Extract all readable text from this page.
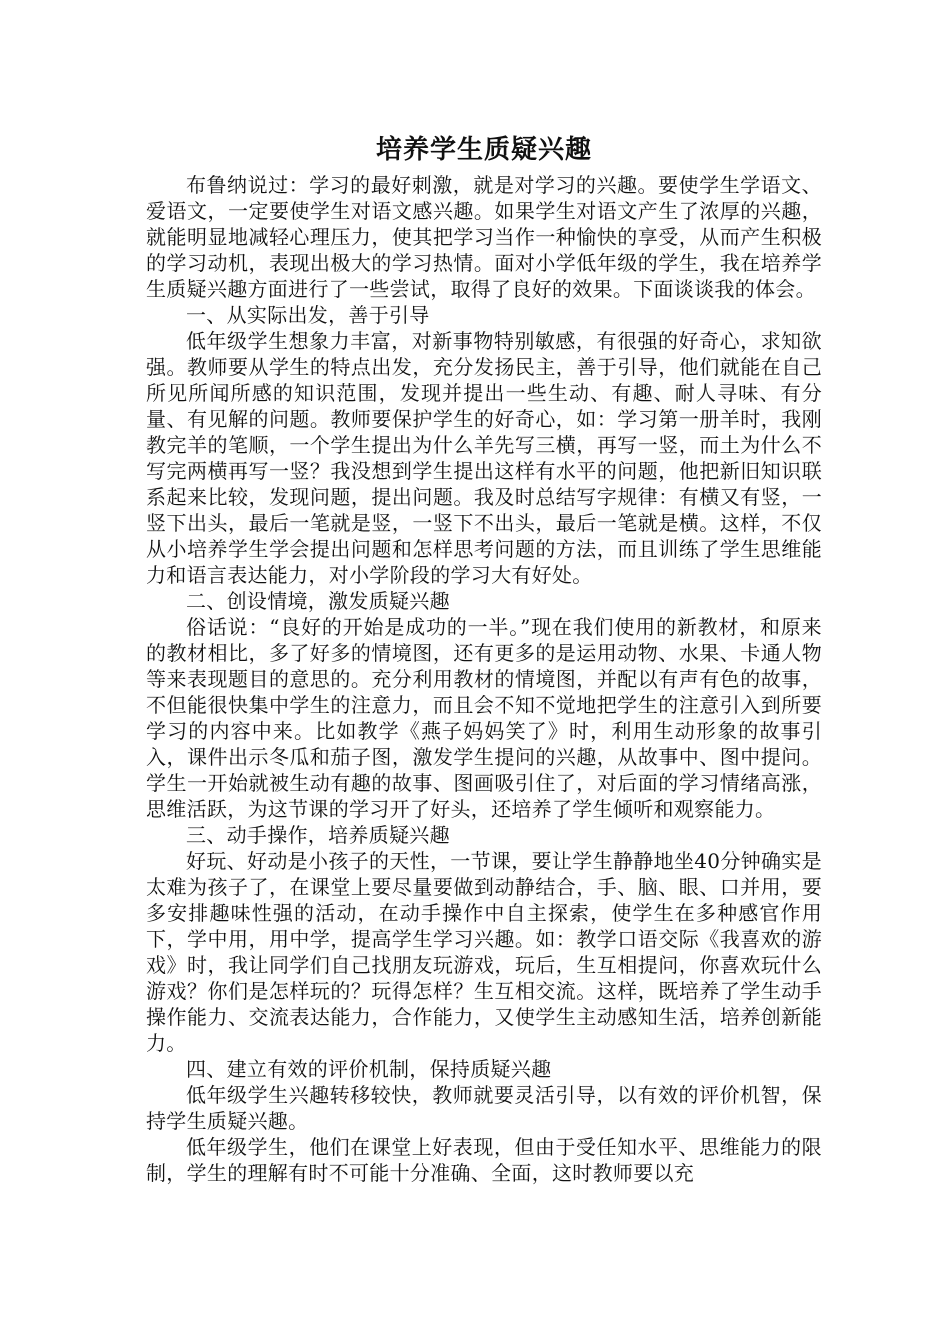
培养学生质疑兴趣

布鲁纳说过：学习的最好刺激，就是对学习的兴趣。要使学生学语文、爱语文，一定要使学生对语文感兴趣。如果学生对语文产生了浓厚的兴趣，就能明显地减轻心理压力，使其把学习当作一种愉快的享受，从而产生积极的学习动机，表现出极大的学习热情。面对小学低年级的学生，我在培养学生质疑兴趣方面进行了一些尝试，取得了良好的效果。下面谈谈我的体会。

一、从实际出发，善于引导

低年级学生想象力丰富，对新事物特别敏感，有很强的好奇心，求知欲强。教师要从学生的特点出发，充分发扬民主，善于引导，他们就能在自己所见所闻所感的知识范围，发现并提出一些生动、有趣、耐人寻味、有分量、有见解的问题。教师要保护学生的好奇心，如：学习第一册羊时，我刚教完羊的笔顺，一个学生提出为什么羊先写三横，再写一竖，而土为什么不写完两横再写一竖？我没想到学生提出这样有水平的问题，他把新旧知识联系起来比较，发现问题，提出问题。我及时总结写字规律：有横又有竖，一竖下出头，最后一笔就是竖，一竖下不出头，最后一笔就是横。这样，不仅从小培养学生学会提出问题和怎样思考问题的方法，而且训练了学生思维能力和语言表达能力，对小学阶段的学习大有好处。

二、创设情境，激发质疑兴趣

俗话说：“良好的开始是成功的一半。”现在我们使用的新教材，和原来的教材相比，多了好多的情境图，还有更多的是运用动物、水果、卡通人物等来表现题目的意思的。充分利用教材的情境图，并配以有声有色的故事，不但能很快集中学生的注意力，而且会不知不觉地把学生的注意引入到所要学习的内容中来。比如教学《燕子妈妈笑了》时，利用生动形象的故事引入，课件出示冬瓜和茄子图，激发学生提问的兴趣，从故事中、图中提问。学生一开始就被生动有趣的故事、图画吸引住了，对后面的学习情绪高涨，思维活跃，为这节课的学习开了好头，还培养了学生倾听和观察能力。

三、动手操作，培养质疑兴趣

好玩、好动是小孩子的天性，一节课，要让学生静静地坐40分钟确实是太难为孩子了，在课堂上要尽量要做到动静结合，手、脑、眼、口并用，要多安排趣味性强的活动，在动手操作中自主探索，使学生在多种感官作用下，学中用，用中学，提高学生学习兴趣。如：教学口语交际《我喜欢的游戏》时，我让同学们自己找朋友玩游戏，玩后，生互相提问，你喜欢玩什么游戏？你们是怎样玩的？玩得怎样？生互相交流。这样，既培养了学生动手操作能力、交流表达能力，合作能力，又使学生主动感知生活，培养创新能力。

四、建立有效的评价机制，保持质疑兴趣

低年级学生兴趣转移较快，教师就要灵活引导，以有效的评价机智，保持学生质疑兴趣。

低年级学生，他们在课堂上好表现，但由于受任知水平、思维能力的限制，学生的理解有时不可能十分准确、全面，这时教师要以充
